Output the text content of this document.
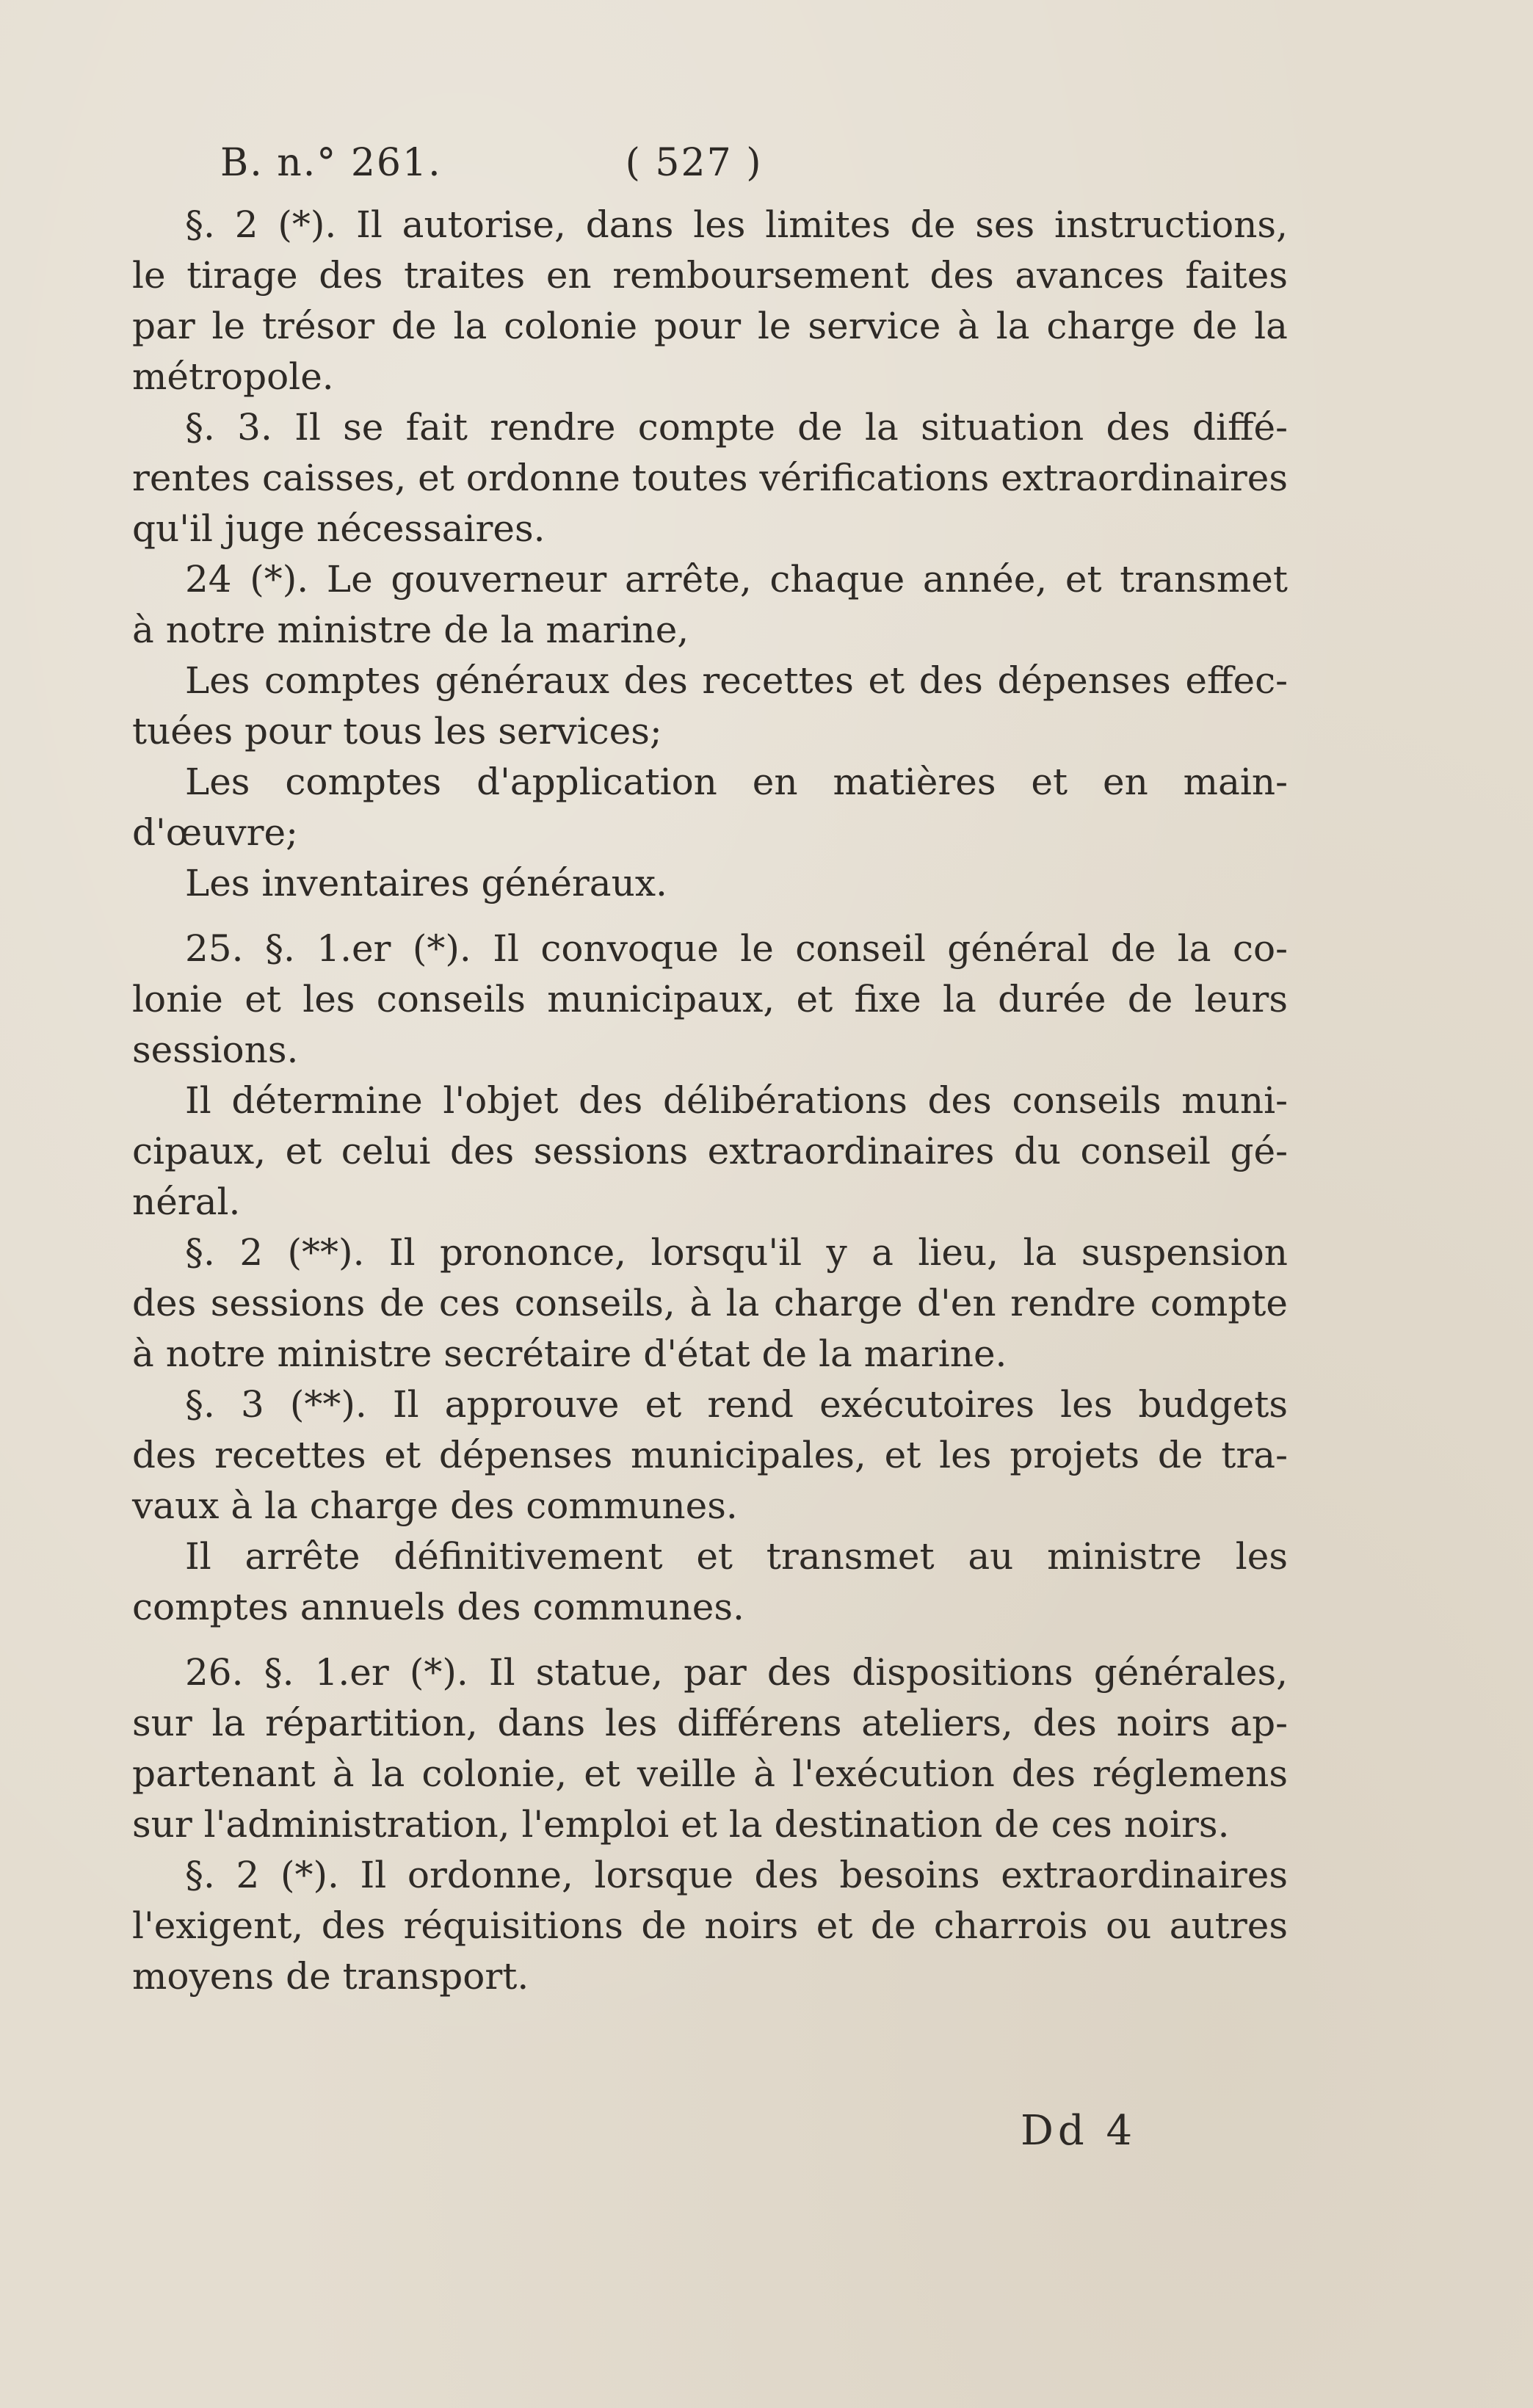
B. n.° 261.	( 527 )
§. 2 (*). Il autorise, dans les limites de ses instructions,
le tirage des traites en remboursement des avances faites
par le trésor de la colonie pour le service à la charge de la
métropole.
§. 3. Il se fait rendre compte de la situation des diffé-
rentes caisses, et ordonne toutes vérifications extraordinaires
qu'il juge nécessaires.
24 (*). Le gouverneur arrête, chaque année, et transmet
à notre ministre de la marine,
Les comptes généraux des recettes et des dépenses effec-
tuées pour tous les services;
Les comptes d'application en matières et en main-
d'œuvre;
Les inventaires généraux.
25. §. 1.er (*). Il convoque le conseil général de la co-
lonie et les conseils municipaux, et fixe la durée de leurs
sessions.
Il détermine l'objet des délibérations des conseils muni-
cipaux, et celui des sessions extraordinaires du conseil gé-
néral.
§. 2 (**). Il prononce, lorsqu'il y a lieu, la suspension
des sessions de ces conseils, à la charge d'en rendre compte
à notre ministre secrétaire d'état de la marine.
§. 3 (**). Il approuve et rend exécutoires les budgets
des recettes et dépenses municipales, et les projets de tra-
vaux à la charge des communes.
Il arrête définitivement et transmet au ministre les
comptes annuels des communes.
26. §. 1.er (*). Il statue, par des dispositions générales,
sur la répartition, dans les différens ateliers, des noirs ap-
partenant à la colonie, et veille à l'exécution des réglemens
sur l'administration, l'emploi et la destination de ces noirs.
§. 2 (*). Il ordonne, lorsque des besoins extraordinaires
l'exigent, des réquisitions de noirs et de charrois ou autres
moyens de transport.
Dd 4
